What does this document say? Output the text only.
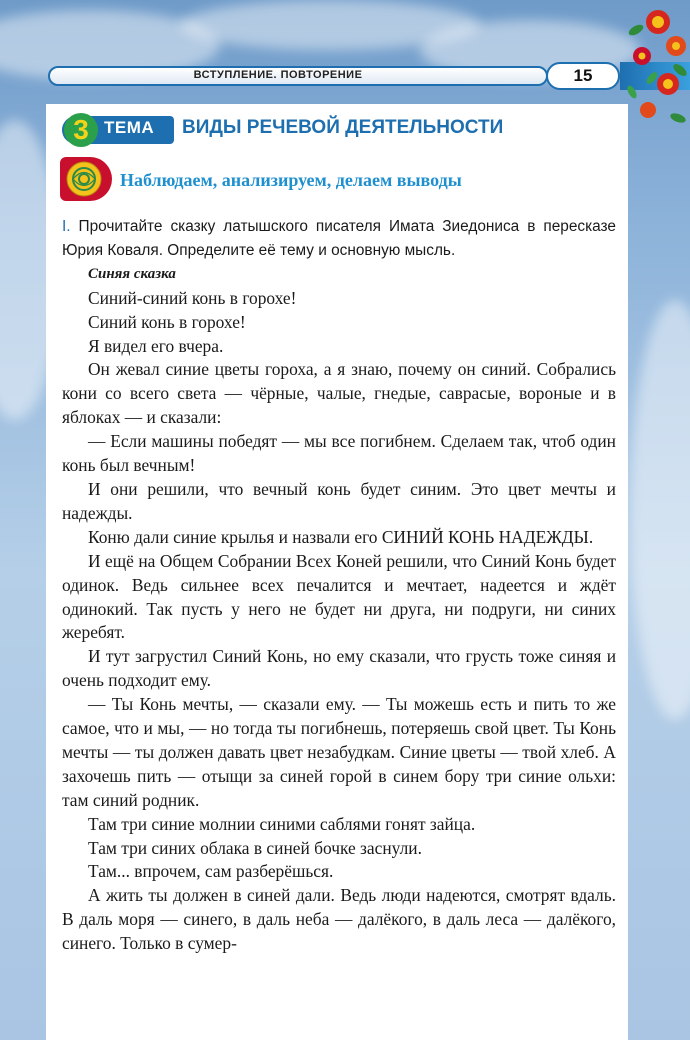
ВСТУПЛЕНИЕ. ПОВТОРЕНИЕ	15
3 ТЕМА ВИДЫ РЕЧЕВОЙ ДЕЯТЕЛЬНОСТИ
Наблюдаем, анализируем, делаем выводы

I. Прочитайте сказку латышского писателя Имата Зиедониса в пересказе Юрия Коваля. Определите её тему и основную мысль.

Синяя сказка

Синий-синий конь в горохе!

Синий конь в горохе!

Я видел его вчера.

Он жевал синие цветы гороха, а я знаю, почему он синий. Собрались кони со всего света — чёрные, чалые, гнедые, саврасые, вороные и в яблоках — и сказали:

— Если машины победят — мы все погибнем. Сделаем так, чтоб один конь был вечным!

И они решили, что вечный конь будет синим. Это цвет мечты и надежды.

Коню дали синие крылья и назвали его СИНИЙ КОНЬ НАДЕЖДЫ.

И ещё на Общем Собрании Всех Коней решили, что Синий Конь будет одинок. Ведь сильнее всех печалится и мечтает, надеется и ждёт одинокий. Так пусть у него не будет ни друга, ни подруги, ни синих жеребят.

И тут загрустил Синий Конь, но ему сказали, что грусть тоже синяя и очень подходит ему.

— Ты Конь мечты, — сказали ему. — Ты можешь есть и пить то же самое, что и мы, — но тогда ты погибнешь, потеряешь свой цвет. Ты Конь мечты — ты должен давать цвет незабудкам. Синие цветы — твой хлеб. А захочешь пить — отыщи за синей горой в синем бору три синие ольхи: там синий родник.

Там три синие молнии синими саблями гонят зайца.

Там три синих облака в синей бочке заснули.

Там... впрочем, сам разберёшься.

А жить ты должен в синей дали. Ведь люди надеются, смотрят вдаль. В даль моря — синего, в даль неба — далёкого, в даль леса — далёкого, синего. Только в сумер-
